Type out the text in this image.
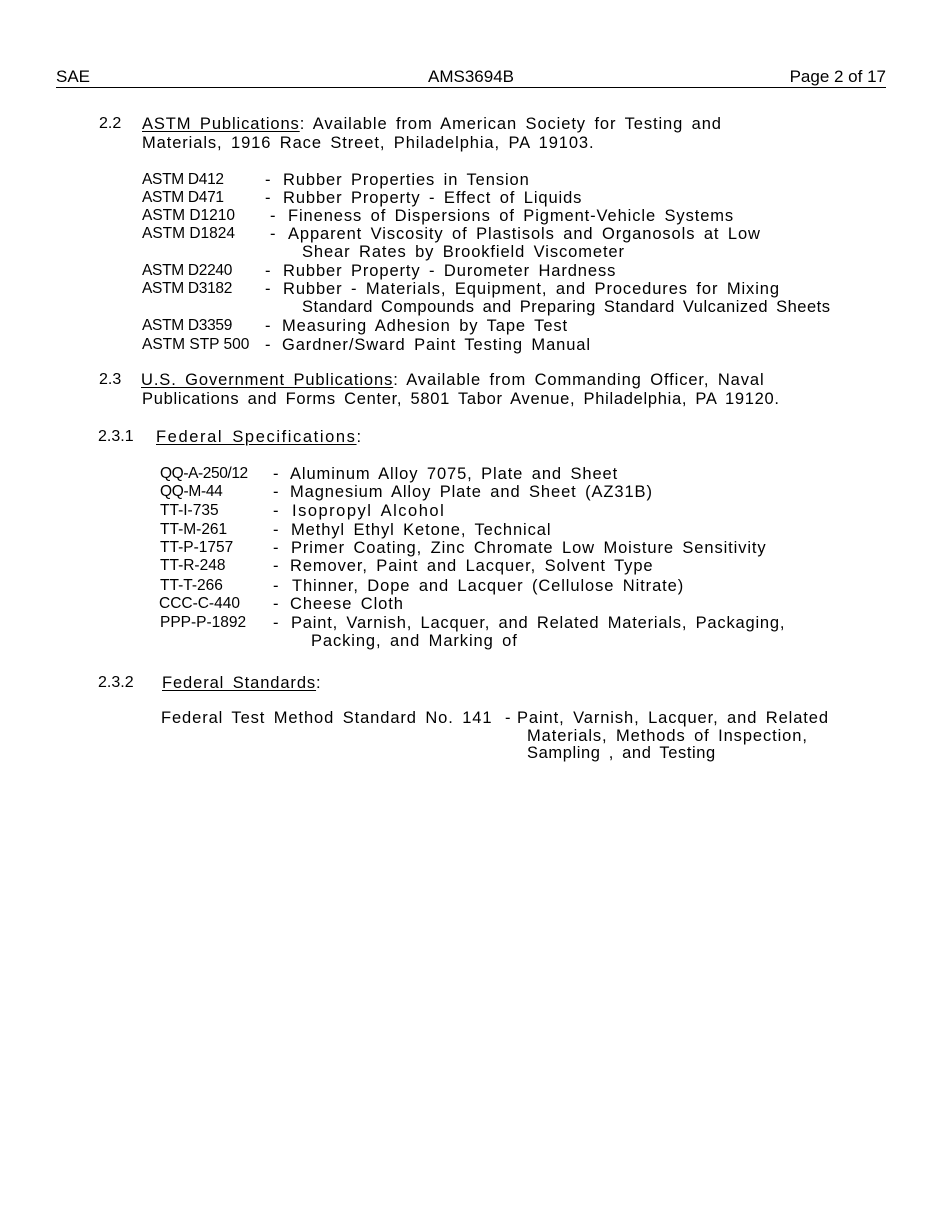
AMS3694B
SAE	Page 2 of 17
2.2 ASTM Publications: Available from American Society for Testing and
Materials, 1916 Race Street, Philadelphia, PA 19103.
ASTM D412	- Rubber Properties in Tension
ASTM D471	- Rubber Property - Effect of Liquids
ASTM D1210 - Fineness of Dispersions of Pigment-Vehicle Systems
ASTM D1824 - Apparent Viscosity of Plastisols and Organosols at Low
Shear Rates by Brookfield Viscometer
ASTM D2240 - Rubber Property - Durometer Hardness
ASTM D3182 - Rubber - Materials, Equipment, and Procedures for Mixing
Standard Compounds and Preparing Standard Vulcanized Sheets
ASTM D3359 - Measuring Adhesion by Tape Test
ASTM STP 500 - Gardner/Sward Paint Testing Manual
2.3 U.S. Government Publications: Available from Commanding Officer, Naval
Publications and Forms Center, 5801 Tabor Avenue, Philadelphia, PA 19120.
2.3.1 Federal Specifications:
QQ-A-250/12 - Aluminum Alloy 7075, Plate and Sheet
QQ-M-44	- Magnesium Alloy Plate and Sheet (AZ31B)
TT-I-735	- Isopropyl Alcohol
TT-M-261	- Methyl Ethyl Ketone, Technical
TT-P-1757 - Primer Coating, Zinc Chromate Low Moisture Sensitivity
TT-R-248	- Remover, Paint and Lacquer, Solvent Type
TT-T-266	- Thinner, Dope and Lacquer (Cellulose Nitrate)
CCC-C-440 - Cheese Cloth
PPP-P-1892 - Paint, Varnish, Lacquer, and Related Materials, Packaging,
Packing, and Marking of
2.3.2 Federal Standards:
Federal Test Method Standard No. 141 - Paint, Varnish, Lacquer, and Related
Materials, Methods of Inspection,
Sampling , and Testing
